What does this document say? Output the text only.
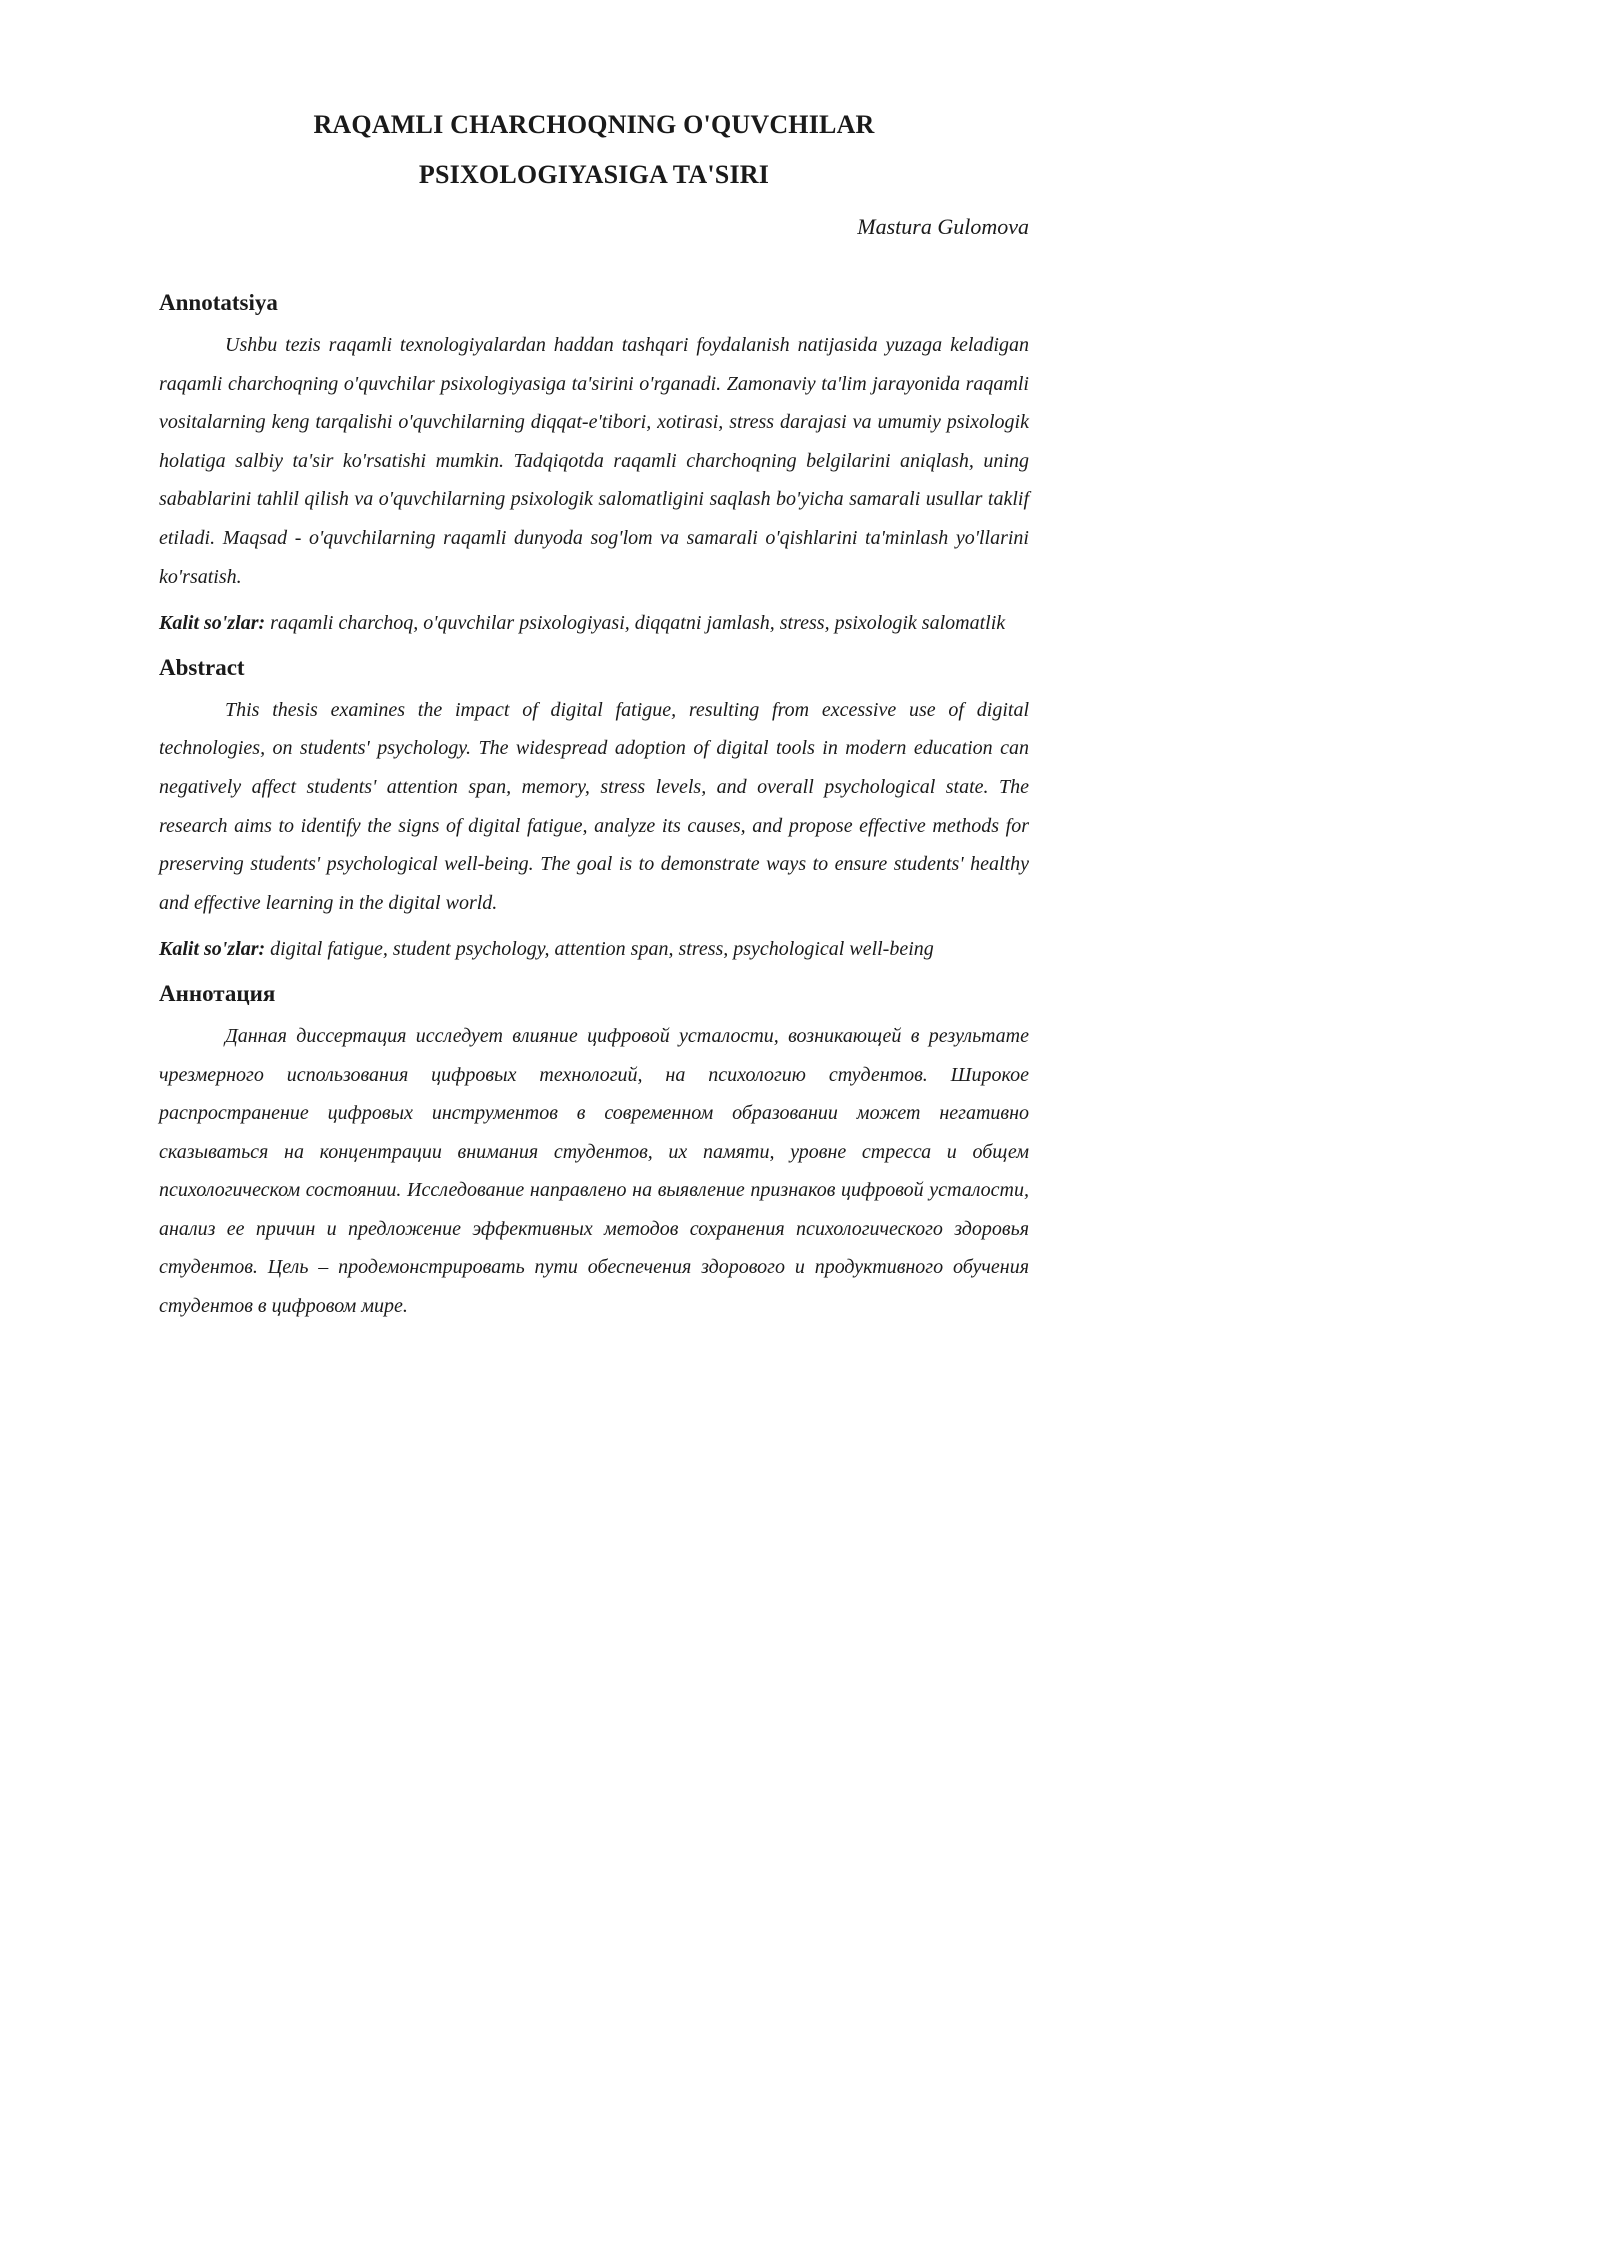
RAQAMLI CHARCHOQNING O'QUVCHILAR
PSIXOLOGIYASIGA TA'SIRI
Mastura Gulomova
Annotatsiya

Ushbu tezis raqamli texnologiyalardan haddan tashqari foydalanish natijasida yuzaga keladigan raqamli charchoqning o'quvchilar psixologiyasiga ta'sirini o'rganadi. Zamonaviy ta'lim jarayonida raqamli vositalarning keng tarqalishi o'quvchilarning diqqat-e'tibori, xotirasi, stress darajasi va umumiy psixologik holatiga salbiy ta'sir ko'rsatishi mumkin. Tadqiqotda raqamli charchoqning belgilarini aniqlash, uning sabablarini tahlil qilish va o'quvchilarning psixologik salomatligini saqlash bo'yicha samarali usullar taklif etiladi. Maqsad - o'quvchilarning raqamli dunyoda sog'lom va samarali o'qishlarini ta'minlash yo'llarini ko'rsatish.

Kalit so'zlar: raqamli charchoq, o'quvchilar psixologiyasi, diqqatni jamlash, stress, psixologik salomatlik

Abstract

This thesis examines the impact of digital fatigue, resulting from excessive use of digital technologies, on students' psychology. The widespread adoption of digital tools in modern education can negatively affect students' attention span, memory, stress levels, and overall psychological state. The research aims to identify the signs of digital fatigue, analyze its causes, and propose effective methods for preserving students' psychological well-being. The goal is to demonstrate ways to ensure students' healthy and effective learning in the digital world.

Kalit so'zlar: digital fatigue, student psychology, attention span, stress, psychological well-being

Аннотация

Данная диссертация исследует влияние цифровой усталости, возникающей в результате чрезмерного использования цифровых технологий, на психологию студентов. Широкое распространение цифровых инструментов в современном образовании может негативно сказываться на концентрации внимания студентов, их памяти, уровне стресса и общем психологическом состоянии. Исследование направлено на выявление признаков цифровой усталости, анализ ее причин и предложение эффективных методов сохранения психологического здоровья студентов. Цель – продемонстрировать пути обеспечения здорового и продуктивного обучения студентов в цифровом мире.
